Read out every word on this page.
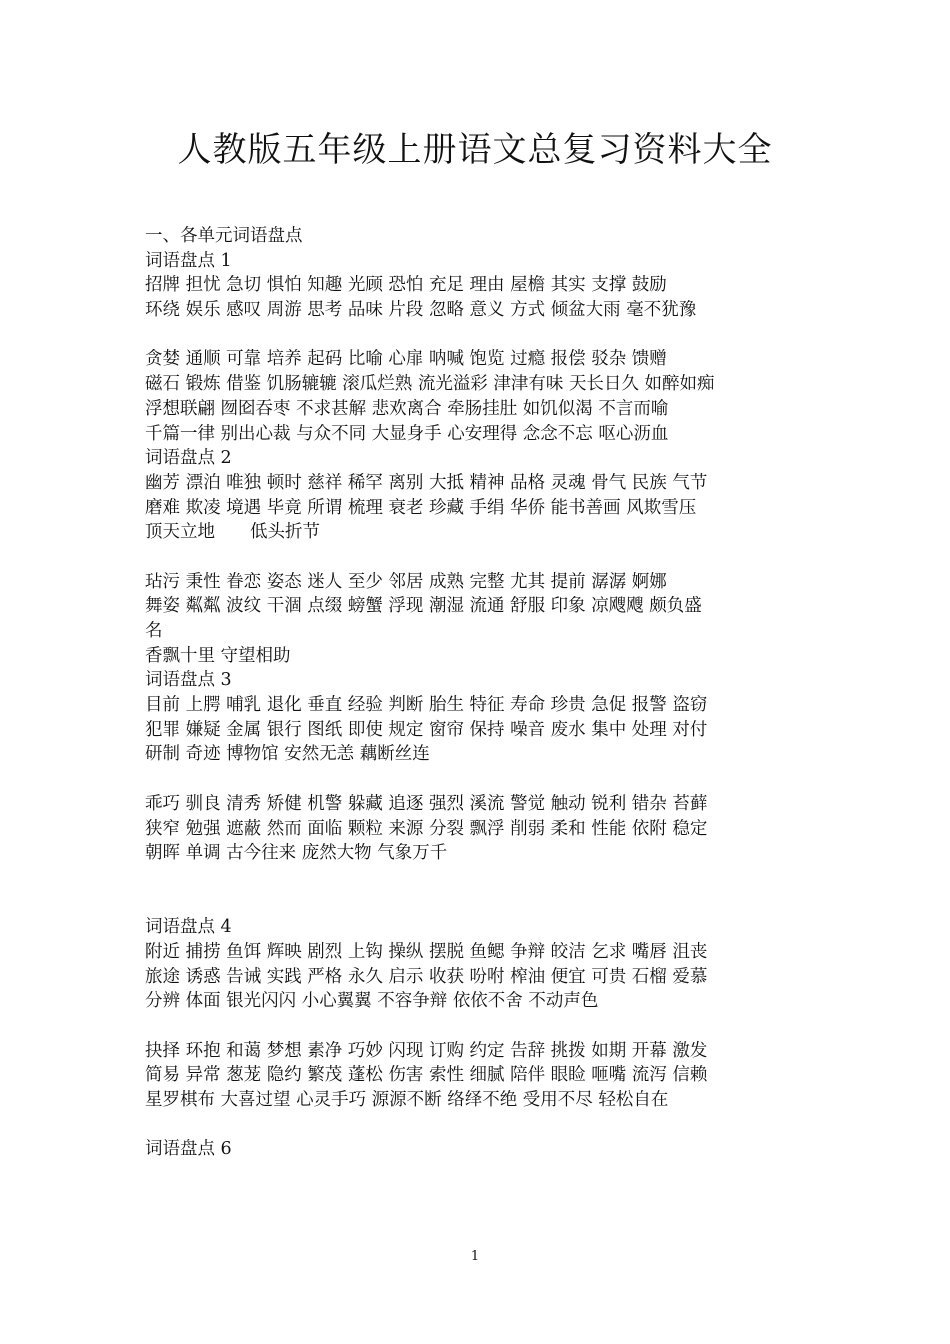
人教版五年级上册语文总复习资料大全
一、各单元词语盘点
词语盘点 1
招牌 担忧 急切 惧怕 知趣 光顾 恐怕 充足 理由 屋檐 其实 支撑 鼓励
环绕 娱乐 感叹 周游 思考 品味 片段 忽略 意义 方式 倾盆大雨 毫不犹豫
贪婪 通顺 可靠 培养 起码 比喻 心扉 呐喊 饱览 过瘾 报偿 驳杂 馈赠
磁石 锻炼 借鉴 饥肠辘辘 滚瓜烂熟 流光溢彩 津津有味 天长日久 如醉如痴
浮想联翩 囫囵吞枣 不求甚解 悲欢离合 牵肠挂肚 如饥似渴 不言而喻
千篇一律 别出心裁 与众不同 大显身手 心安理得 念念不忘 呕心沥血
词语盘点 2
幽芳 漂泊 唯独 顿时 慈祥 稀罕 离别 大抵 精神 品格 灵魂 骨气 民族 气节
磨难 欺凌 境遇 毕竟 所谓 梳理 衰老 珍藏 手绢 华侨 能书善画 风欺雪压
顶天立地　　低头折节
玷污 秉性 眷恋 姿态 迷人 至少 邻居 成熟 完整 尤其 提前 潺潺 婀娜
舞姿 粼粼 波纹 干涸 点缀 螃蟹 浮现 潮湿 流通 舒服 印象 凉飕飕 颇负盛
名
香飘十里 守望相助
词语盘点 3
目前 上腭 哺乳 退化 垂直 经验 判断 胎生 特征 寿命 珍贵 急促 报警 盗窃
犯罪 嫌疑 金属 银行 图纸 即使 规定 窗帘 保持 噪音 废水 集中 处理 对付
研制 奇迹 博物馆 安然无恙 藕断丝连
乖巧 驯良 清秀 矫健 机警 躲藏 追逐 强烈 溪流 警觉 触动 锐利 错杂 苔藓
狭窄 勉强 遮蔽 然而 面临 颗粒 来源 分裂 飘浮 削弱 柔和 性能 依附 稳定
朝晖 单调 古今往来 庞然大物 气象万千
词语盘点 4
附近 捕捞 鱼饵 辉映 剧烈 上钩 操纵 摆脱 鱼鳃 争辩 皎洁 乞求 嘴唇 沮丧
旅途 诱惑 告诫 实践 严格 永久 启示 收获 吩咐 榨油 便宜 可贵 石榴 爱慕
分辨 体面 银光闪闪 小心翼翼 不容争辩 依依不舍 不动声色
抉择 环抱 和蔼 梦想 素净 巧妙 闪现 订购 约定 告辞 挑拨 如期 开幕 激发
简易 异常 葱茏 隐约 繁茂 蓬松 伤害 索性 细腻 陪伴 眼睑 咂嘴 流泻 信赖
星罗棋布 大喜过望 心灵手巧 源源不断 络绎不绝 受用不尽 轻松自在
词语盘点 6
1
